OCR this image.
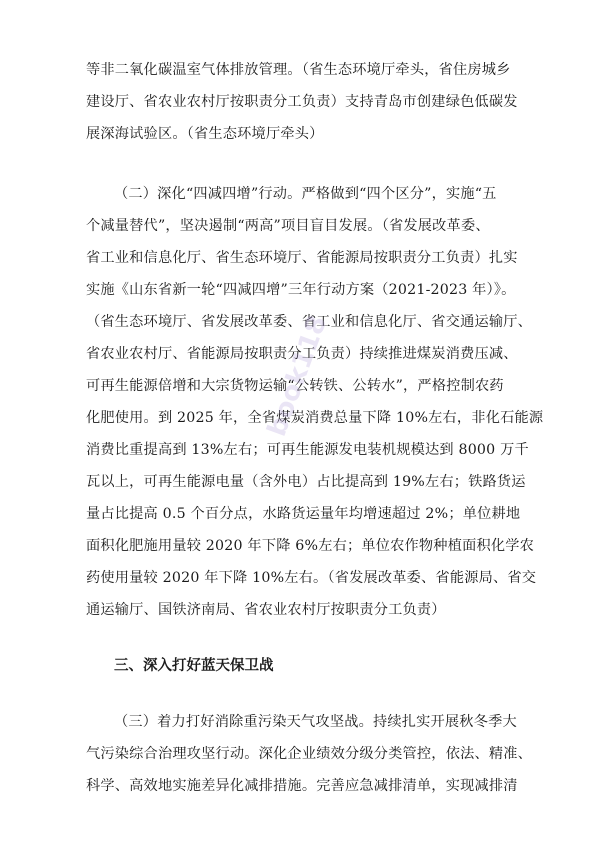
等非二氧化碳温室气体排放管理。（省生态环境厅牵头，省住房城乡
建设厅、省农业农村厅按职责分工负责）支持青岛市创建绿色低碳发
展深海试验区。（省生态环境厅牵头）
（二）深化“四减四增”行动。严格做到“四个区分”，实施“五
个减量替代”，坚决遏制“两高”项目盲目发展。（省发展改革委、
省工业和信息化厅、省生态环境厅、省能源局按职责分工负责）扎实
实施《山东省新一轮“四减四增”三年行动方案（2021-2023 年）》。
（省生态环境厅、省发展改革委、省工业和信息化厅、省交通运输厅、
省农业农村厅、省能源局按职责分工负责）持续推进煤炭消费压减、
可再生能源倍增和大宗货物运输“公转铁、公转水”，严格控制农药
化肥使用。到 2025 年，全省煤炭消费总量下降 10%左右，非化石能源
消费比重提高到 13%左右；可再生能源发电装机规模达到 8000 万千
瓦以上，可再生能源电量（含外电）占比提高到 19%左右；铁路货运
量占比提高 0.5 个百分点，水路货运量年均增速超过 2%；单位耕地
面积化肥施用量较 2020 年下降 6%左右；单位农作物种植面积化学农
药使用量较 2020 年下降 10%左右。（省发展改革委、省能源局、省交
通运输厅、国铁济南局、省农业农村厅按职责分工负责）
三、深入打好蓝天保卫战
（三）着力打好消除重污染天气攻坚战。持续扎实开展秋冬季大
气污染综合治理攻坚行动。深化企业绩效分级分类管控，依法、精准、
科学、高效地实施差异化减排措施。完善应急减排清单，实现减排清
book118
